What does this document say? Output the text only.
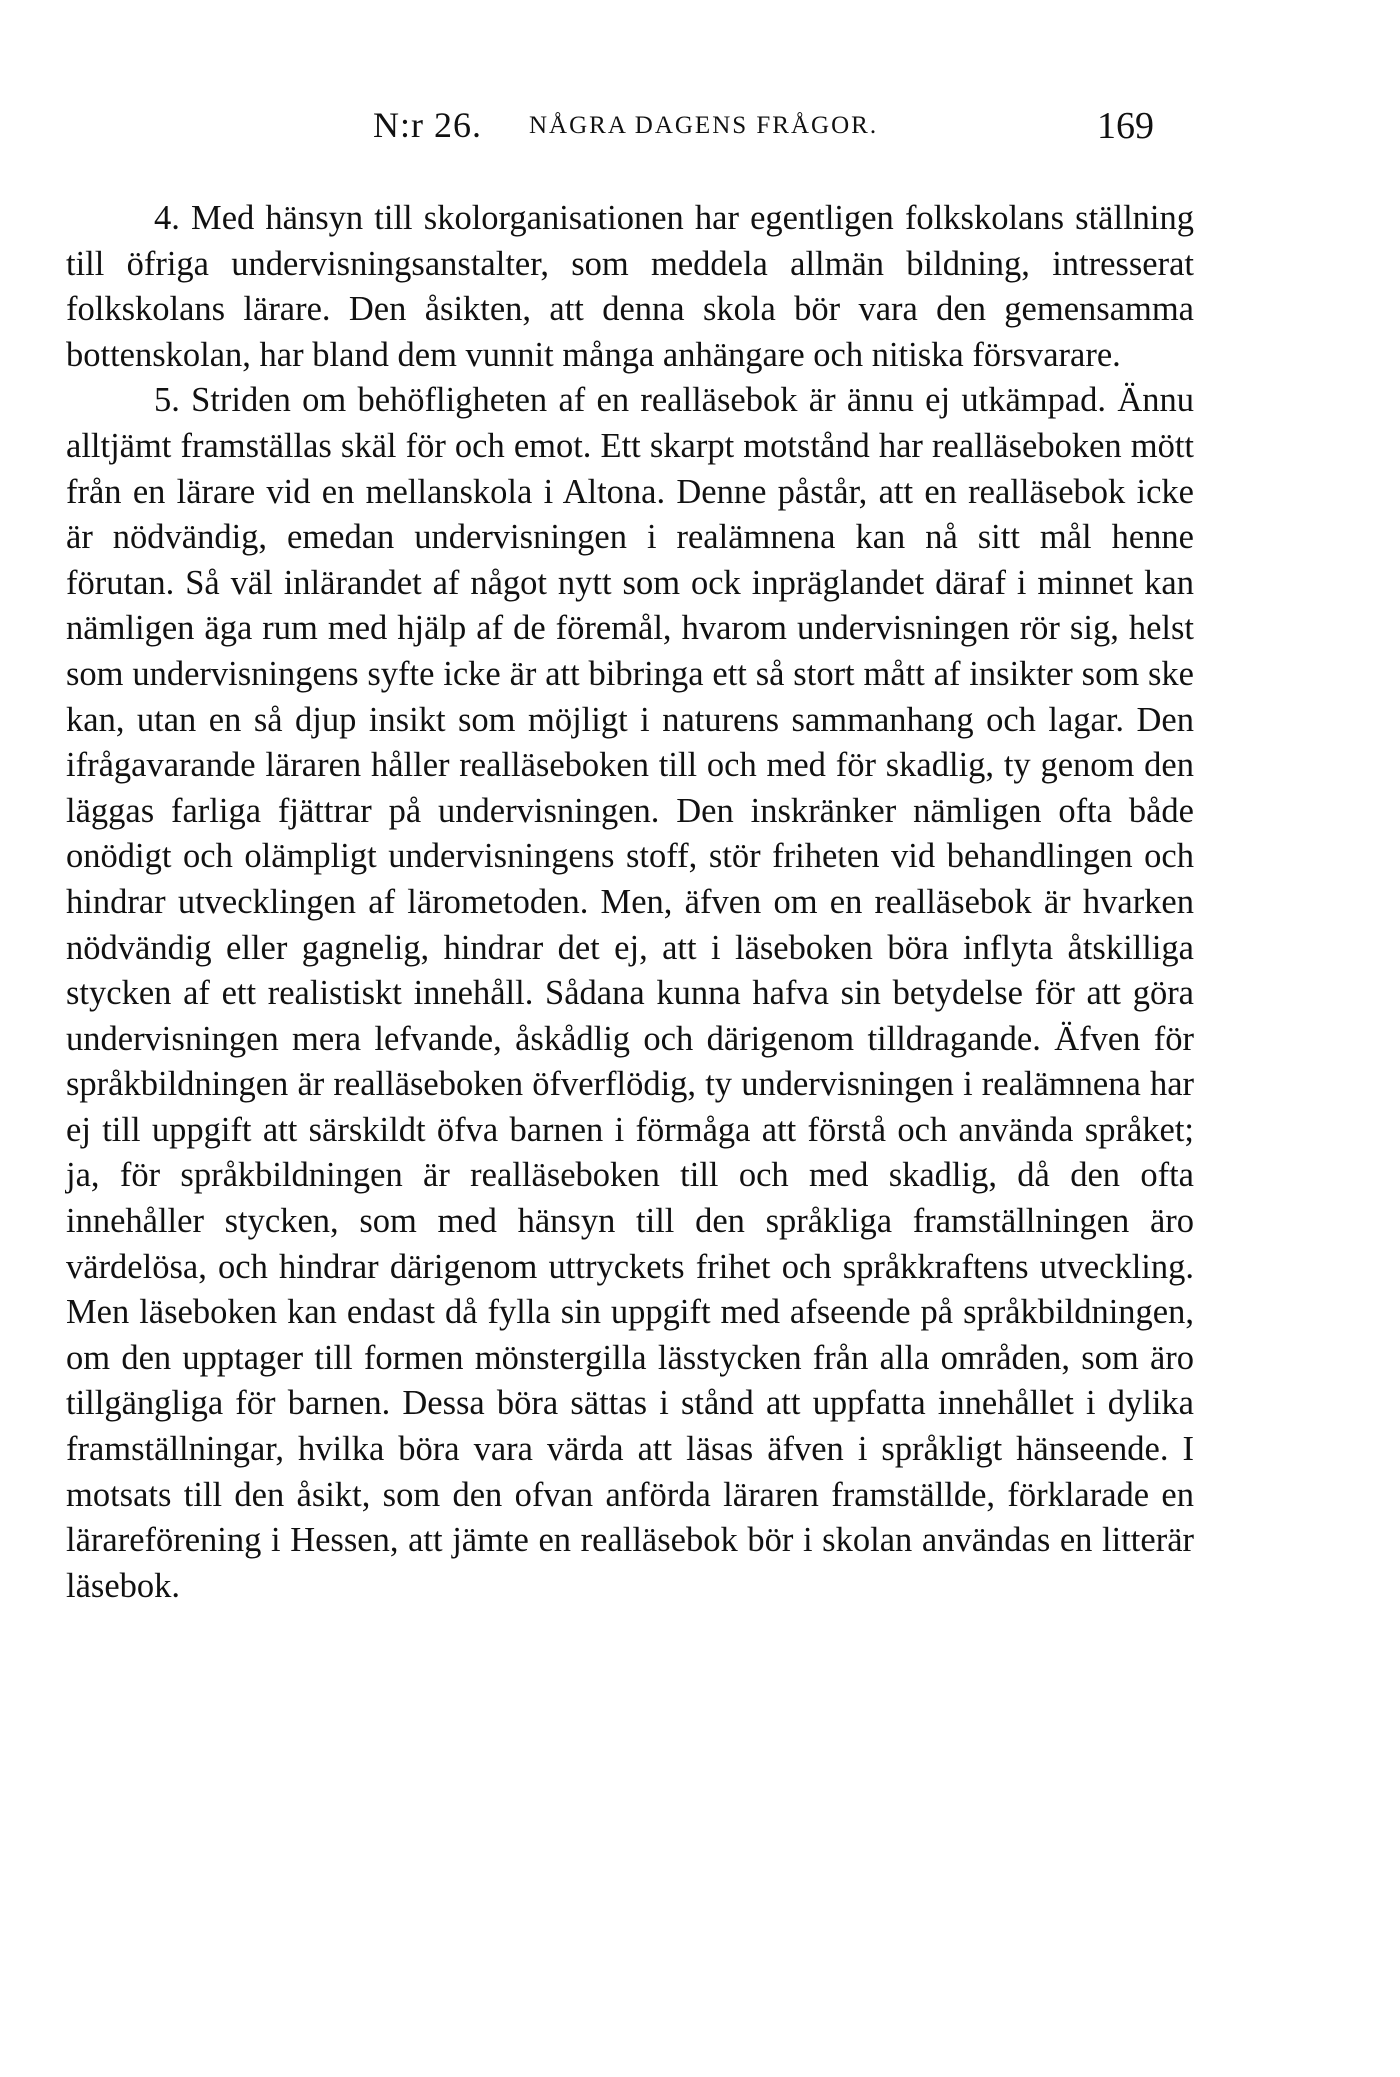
N:r 26. NÅGRA DAGENS FRÅGOR.	169

4. Med hänsyn till skolorganisationen har egentligen folkskolans ställning till öfriga undervisningsanstalter, som meddela allmän bildning, intresserat folkskolans lärare. Den åsikten, att denna skola bör vara den gemensamma bottenskolan, har bland dem vunnit många anhängare och nitiska försvarare.

5. Striden om behöfligheten af en realläsebok är ännu ej utkämpad. Ännu alltjämt framställas skäl för och emot. Ett skarpt motstånd har realläseboken mött från en lärare vid en mellanskola i Altona. Denne påstår, att en realläsebok icke är nödvändig, emedan undervisningen i realämnena kan nå sitt mål henne förutan. Så väl inlärandet af något nytt som ock inpräglandet däraf i minnet kan nämligen äga rum med hjälp af de föremål, hvarom undervisningen rör sig, helst som undervisningens syfte icke är att bibringa ett så stort mått af insikter som ske kan, utan en så djup insikt som möjligt i naturens sammanhang och lagar. Den ifrågavarande läraren håller realläseboken till och med för skadlig, ty genom den läggas farliga fjättrar på undervisningen. Den inskränker nämligen ofta både onödigt och olämpligt undervisningens stoff, stör friheten vid behandlingen och hindrar utvecklingen af lärometoden. Men, äfven om en realläsebok är hvarken nödvändig eller gagnelig, hindrar det ej, att i läseboken böra inflyta åtskilliga stycken af ett realistiskt innehåll. Sådana kunna hafva sin betydelse för att göra undervisningen mera lefvande, åskådlig och därigenom tilldragande. Äfven för språkbildningen är realläseboken öfverflödig, ty undervisningen i realämnena har ej till uppgift att särskildt öfva barnen i förmåga att förstå och använda språket; ja, för språkbildningen är realläseboken till och med skadlig, då den ofta innehåller stycken, som med hänsyn till den språkliga framställningen äro värdelösa, och hindrar därigenom uttryckets frihet och språkkraftens utveckling. Men läseboken kan endast då fylla sin uppgift med afseende på språkbildningen, om den upptager till formen mönstergilla lässtycken från alla områden, som äro tillgängliga för barnen. Dessa böra sättas i stånd att uppfatta innehållet i dylika framställningar, hvilka böra vara värda att läsas äfven i språkligt hänseende. I motsats till den åsikt, som den ofvan anförda läraren framställde, förklarade en lärareförening i Hessen, att jämte en realläsebok bör i skolan användas en litterär läsebok.
